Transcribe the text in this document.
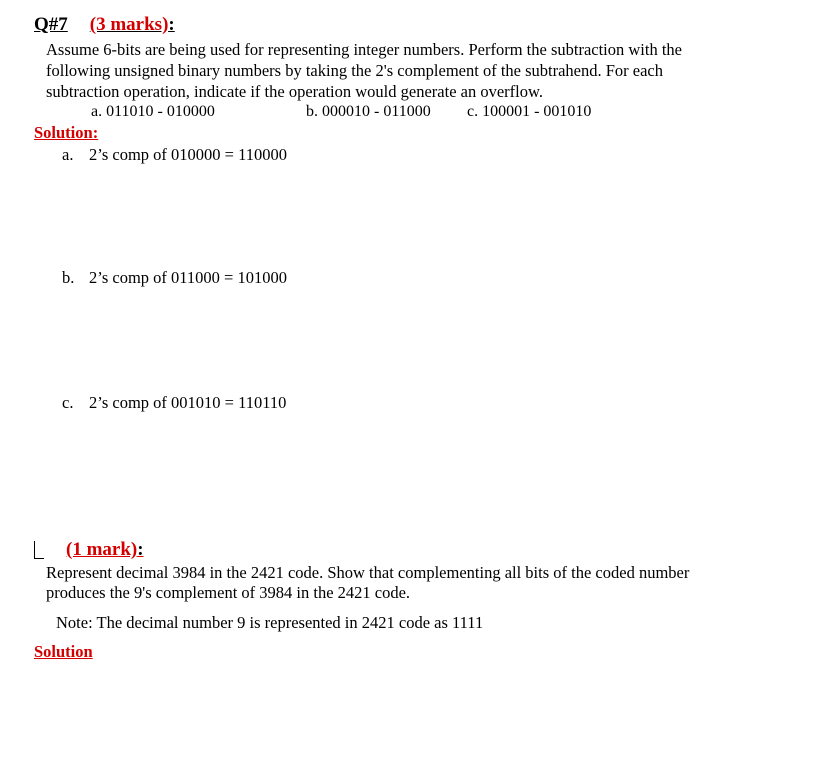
Q#7 (3 marks):
Assume 6-bits are being used for representing integer numbers. Perform the subtraction with the
following unsigned binary numbers by taking the 2's complement of the subtrahend. For each
subtraction operation, indicate if the operation would generate an overflow.
a. 011010 - 010000	b. 000010 - 011000 c. 100001 - 001010
Solution:
a. 2’s comp of 010000 = 110000
b. 2’s comp of 011000 = 101000
c. 2’s comp of 001010 = 110110
(1 mark):
Represent decimal 3984 in the 2421 code. Show that complementing all bits of the coded number
produces the 9's complement of 3984 in the 2421 code.
Note: The decimal number 9 is represented in 2421 code as 1111
Solution
